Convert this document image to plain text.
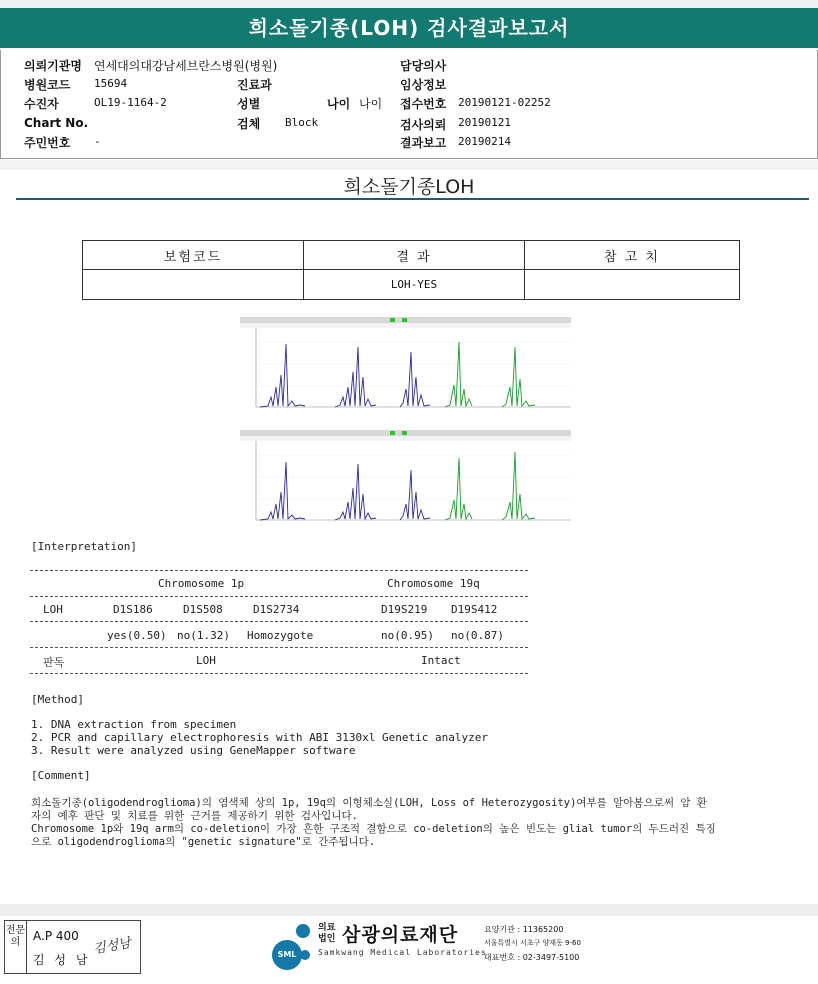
희소돌기종(LOH) 검사결과보고서
의뢰기관명 연세대의대강남세브란스병원(병원)
병원코드 15694
수진자	OL19-1164-2
Chart No.
주민번호 -
진료과
성별	나이 나이
검체 Block
담당의사
임상정보
접수번호 20190121-02252
검사의뢰 20190121
결과보고 20190214
희소돌기종LOH
보험코드	결 과	참 고 치
	LOH-YES	
[Interpretation]
Chromosome 1p	Chromosome 19q
LOH	D1S186	D1S508	D1S2734	D19S219 D19S412
yes(0.50) no(1.32) Homozygote	no(0.95) no(0.87)
판독	LOH	Intact
[Method]
1. DNA extraction from specimen
2. PCR and capillary electrophoresis with ABI 3130xl Genetic analyzer
3. Result were analyzed using GeneMapper software
[Comment]
희소돌기종(oligodendroglioma)의 염색체 상의 1p, 19q의 이형체소실(LOH, Loss of Heterozygosity)여부를 알아봄으로써 암 환
자의 예후 판단 및 치료를 위한 근거를 제공하기 위한 검사입니다.
Chromosome 1p와 19q arm의 co-deletion이 가장 흔한 구조적 결함으로 co-deletion의 높은 빈도는 glial tumor의 두드러진 특징
으로 oligodendroglioma의 "genetic signature"로 간주됩니다.
전문의	A.P 400
김 성 남
김성남	SML
의료
법인 삼광의료재단
Samkwang Medical Laboratories
요양기관 : 11365200
서울특별시 서초구 양재동 9-60
대표번호 : 02-3497-5100
